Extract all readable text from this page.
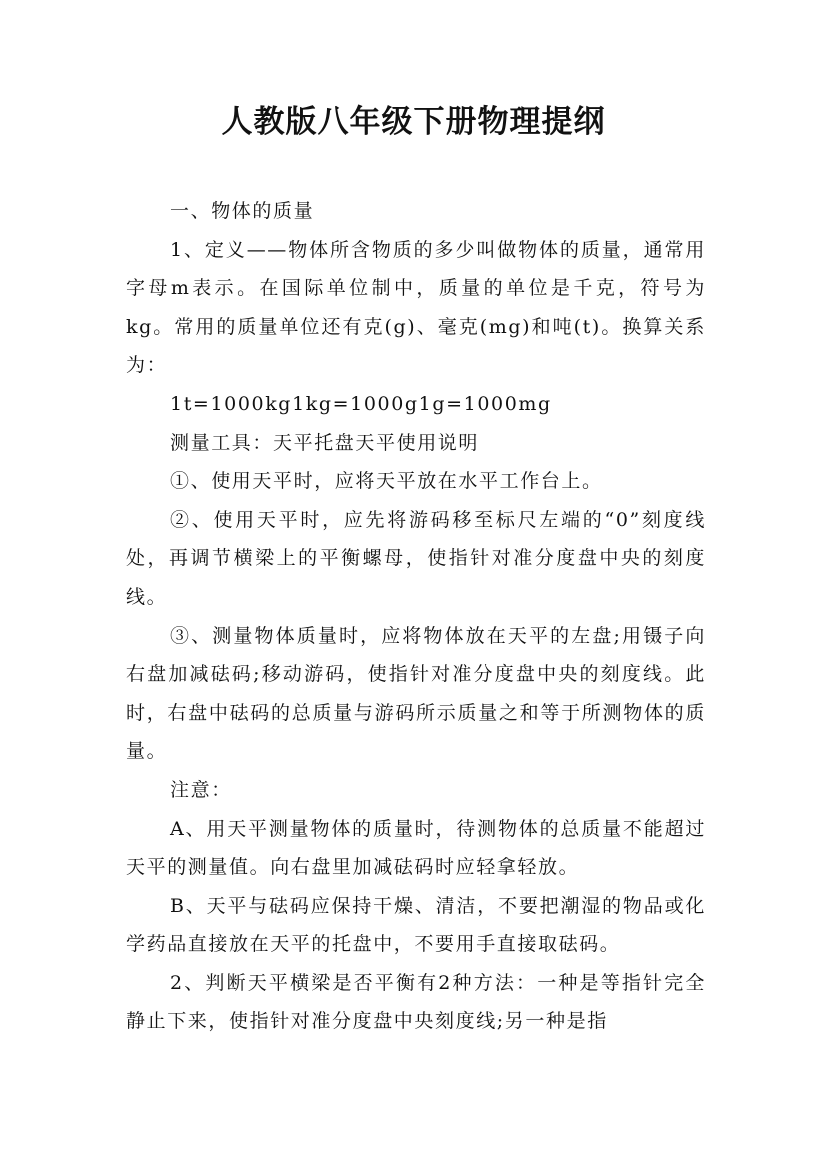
人教版八年级下册物理提纲

一、物体的质量

1、定义——物体所含物质的多少叫做物体的质量，通常用字母m表示。在国际单位制中，质量的单位是千克，符号为kg。常用的质量单位还有克(g)、毫克(mg)和吨(t)。换算关系为：

1t=1000kg1kg=1000g1g=1000mg

测量工具：天平托盘天平使用说明

①、使用天平时，应将天平放在水平工作台上。

②、使用天平时，应先将游码移至标尺左端的“0”刻度线处，再调节横梁上的平衡螺母，使指针对准分度盘中央的刻度线。

③、测量物体质量时，应将物体放在天平的左盘;用镊子向右盘加减砝码;移动游码，使指针对准分度盘中央的刻度线。此时，右盘中砝码的总质量与游码所示质量之和等于所测物体的质量。

注意：

A、用天平测量物体的质量时，待测物体的总质量不能超过天平的测量值。向右盘里加减砝码时应轻拿轻放。

B、天平与砝码应保持干燥、清洁，不要把潮湿的物品或化学药品直接放在天平的托盘中，不要用手直接取砝码。

2、判断天平横梁是否平衡有2种方法：一种是等指针完全静止下来，使指针对准分度盘中央刻度线;另一种是指
